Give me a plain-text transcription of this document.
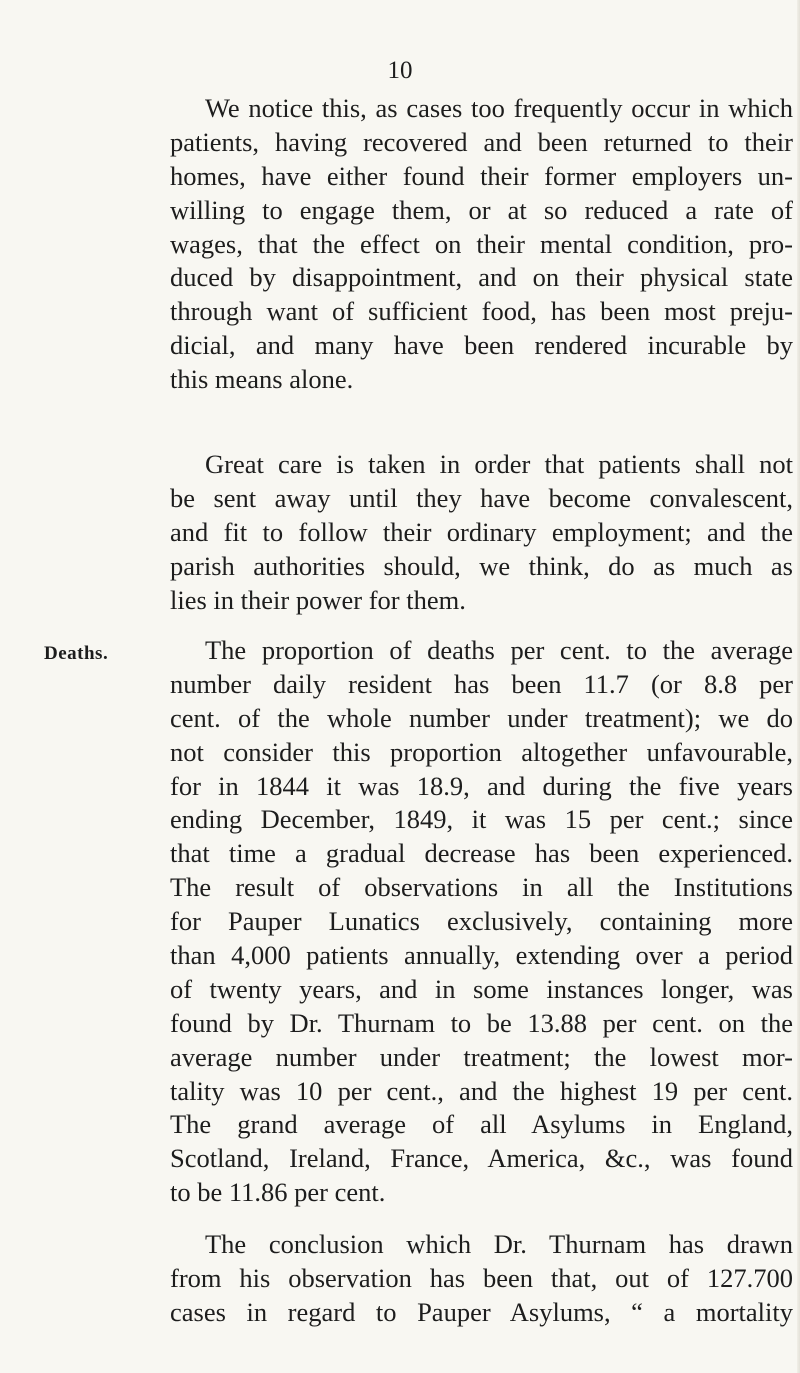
10
Deaths.
We notice this, as cases too frequently occur in which
patients, having recovered and been returned to their
homes, have either found their former employers un-
willing to engage them, or at so reduced a rate of
wages, that the effect on their mental condition, pro-
duced by disappointment, and on their physical state
through want of sufficient food, has been most preju-
dicial, and many have been rendered incurable by
this means alone.
Great care is taken in order that patients shall not
be sent away until they have become convalescent,
and fit to follow their ordinary employment; and the
parish authorities should, we think, do as much as
lies in their power for them.
The proportion of deaths per cent. to the average
number daily resident has been 11.7 (or 8.8 per
cent. of the whole number under treatment); we do
not consider this proportion altogether unfavourable,
for in 1844 it was 18.9, and during the five years
ending December, 1849, it was 15 per cent.; since
that time a gradual decrease has been experienced.
The result of observations in all the Institutions
for Pauper Lunatics exclusively, containing more
than 4,000 patients annually, extending over a period
of twenty years, and in some instances longer, was
found by Dr. Thurnam to be 13.88 per cent. on the
average number under treatment; the lowest mor-
tality was 10 per cent., and the highest 19 per cent.
The grand average of all Asylums in England,
Scotland, Ireland, France, America, &c., was found
to be 11.86 per cent.
The conclusion which Dr. Thurnam has drawn
from his observation has been that, out of 127.700
cases in regard to Pauper Asylums, “ a mortality
